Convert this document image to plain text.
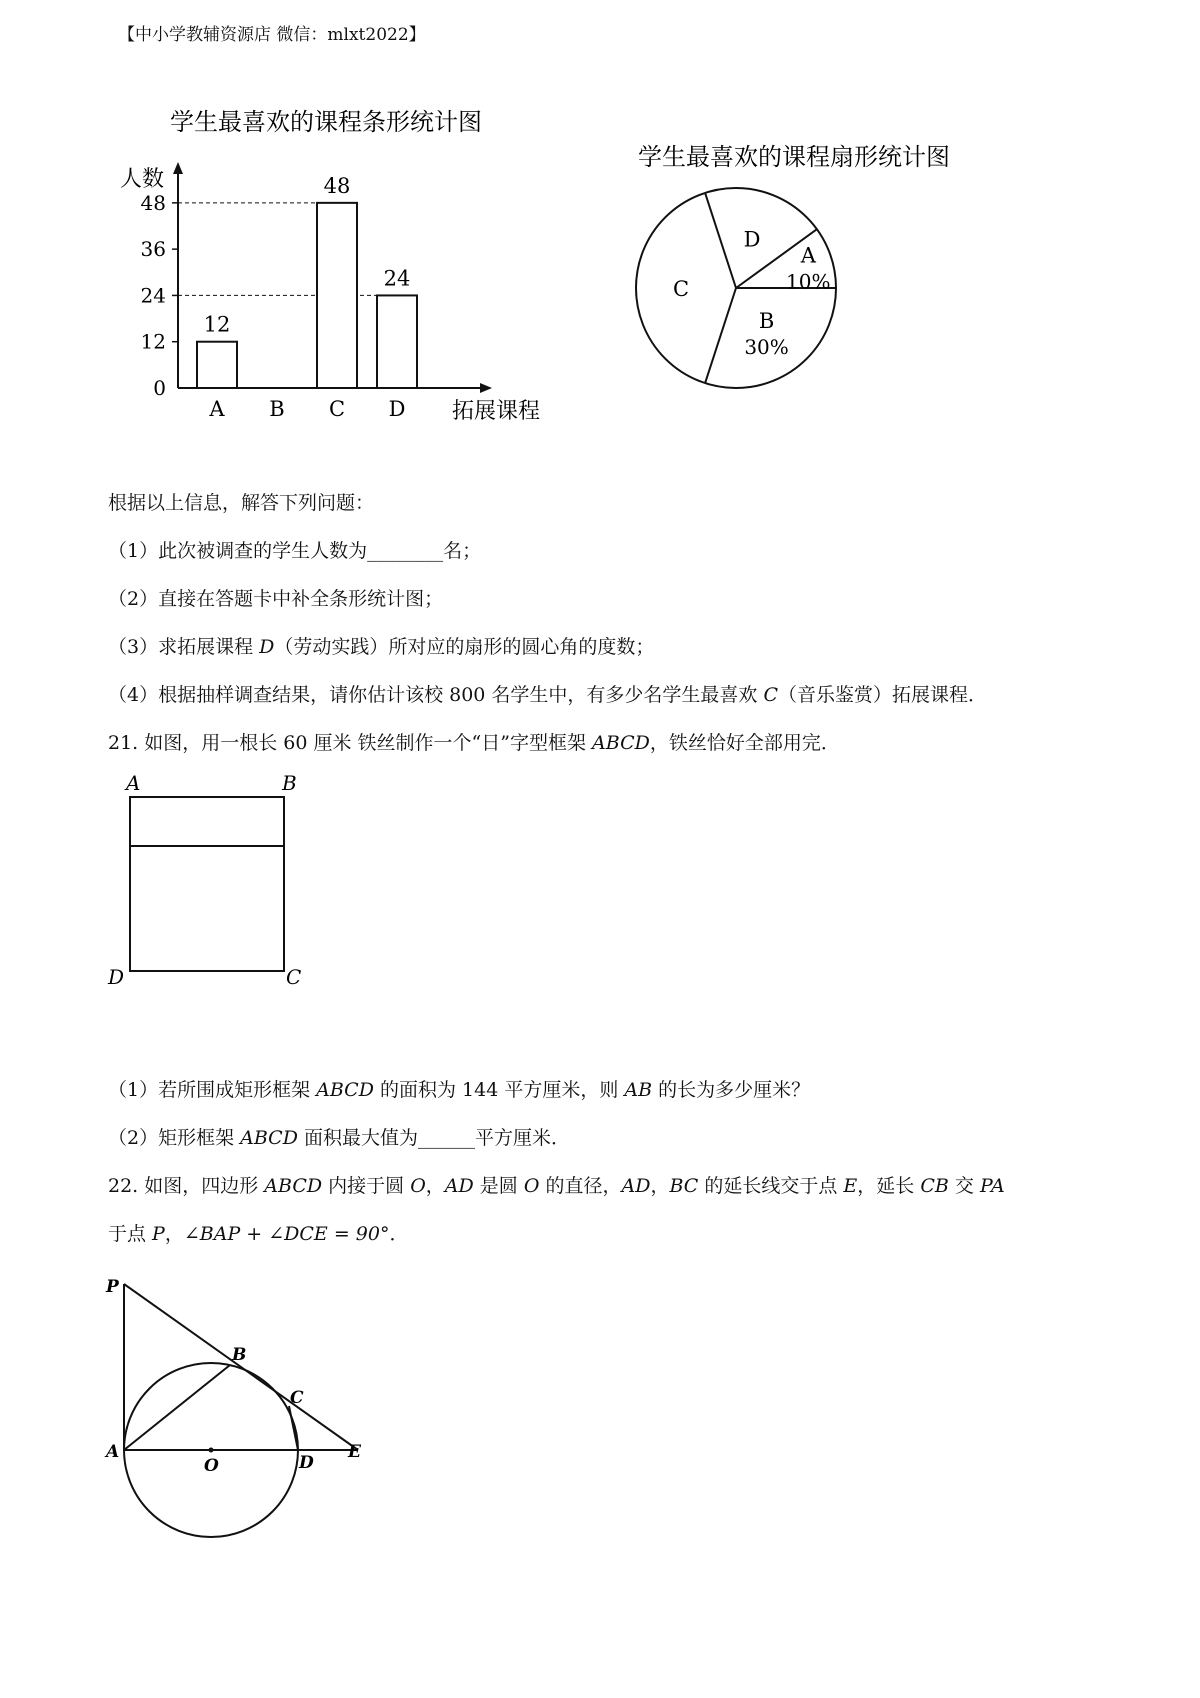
【中小学教辅资源店 微信：mlxt2022】
学生最喜欢的课程条形统计图
0
12
24
36
48
12
A B
48
C
24
D
人数
拓展课程
学生最喜欢的课程扇形统计图
A
10%
D
C
B
30%
根据以上信息，解答下列问题：
（1）此次被调查的学生人数为________名；
（2）直接在答题卡中补全条形统计图；
（3）求拓展课程 D（劳动实践）所对应的扇形的圆心角的度数；
（4）根据抽样调查结果，请你估计该校 800 名学生中，有多少名学生最喜欢 C（音乐鉴赏）拓展课程．
21. 如图，用一根长 60 厘米 铁丝制作一个“日”字型框架 ABCD，铁丝恰好全部用完．
A	B
C
D
（1）若所围成矩形框架 ABCD 的面积为 144 平方厘米，则 AB 的长为多少厘米？
（2）矩形框架 ABCD 面积最大值为______平方厘米．
22. 如图，四边形 ABCD 内接于圆 O，AD 是圆 O 的直径，AD，BC 的延长线交于点 E，延长 CB 交 PA
于点 P，∠BAP + ∠DCE = 90°．
P
A
B
C
D
E
O
